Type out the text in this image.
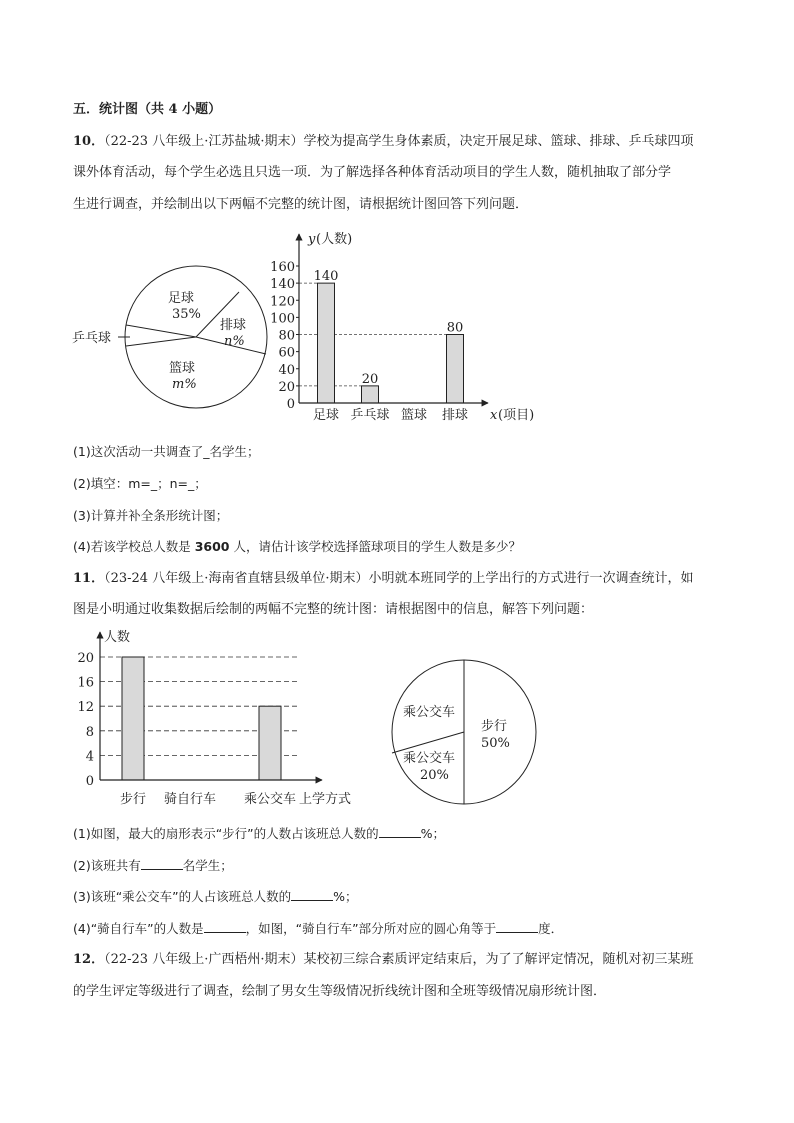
五．统计图（共 4 小题）
10．（22-23 八年级上·江苏盐城·期末）学校为提高学生身体素质，决定开展足球、篮球、排球、乒乓球四项
课外体育活动，每个学生必选且只选一项．为了解选择各种体育活动项目的学生人数，随机抽取了部分学
生进行调查，并绘制出以下两幅不完整的统计图，请根据统计图回答下列问题．
乒乓球
足球
35%
排球
n%
篮球
m%
0
20
40
60
80
100
120
140
160
足球 乒乓球 篮球 排球
140
20
80
y (人数)
x (项目)
(1)这次活动一共调查了_名学生；
(2)填空：m=_；n=_；
(3)计算并补全条形统计图；
(4)若该学校总人数是 3600 人，请估计该学校选择篮球项目的学生人数是多少？
11．（23-24 八年级上·海南省直辖县级单位·期末）小明就本班同学的上学出行的方式进行一次调查统计，如
图是小明通过收集数据后绘制的两幅不完整的统计图：请根据图中的信息，解答下列问题：
0
4
8
12
16
20
步行 骑自行车 乘公交车
人数
上学方式
步行
50%
乘公交车
乘公交车
20%
(1)如图，最大的扇形表示“步行”的人数占该班总人数的	%；
(2)该班共有	名学生；
(3)该班“乘公交车”的人占该班总人数的	%；
(4)“骑自行车”的人数是	，如图，“骑自行车”部分所对应的圆心角等于	度．
12．（22-23 八年级上·广西梧州·期末）某校初三综合素质评定结束后，为了了解评定情况，随机对初三某班
的学生评定等级进行了调查，绘制了男女生等级情况折线统计图和全班等级情况扇形统计图．
